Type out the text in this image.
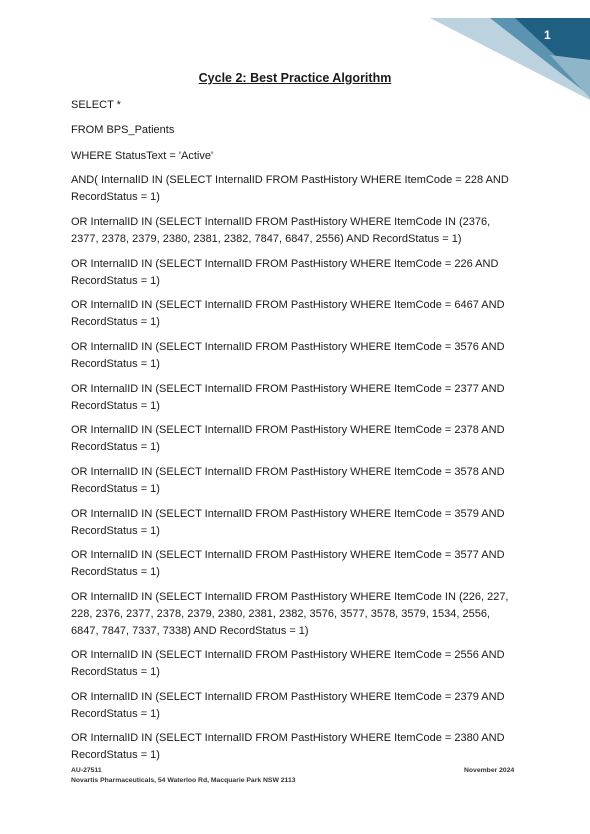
1
Cycle 2: Best Practice Algorithm
SELECT *
FROM BPS_Patients
WHERE StatusText = 'Active'
AND( InternalID IN (SELECT InternalID FROM PastHistory WHERE ItemCode = 228 AND
RecordStatus = 1)
OR InternalID IN (SELECT InternalID FROM PastHistory WHERE ItemCode IN (2376,
2377, 2378, 2379, 2380, 2381, 2382, 7847, 6847, 2556) AND RecordStatus = 1)
OR InternalID IN (SELECT InternalID FROM PastHistory WHERE ItemCode = 226 AND
RecordStatus = 1)
OR InternalID IN (SELECT InternalID FROM PastHistory WHERE ItemCode = 6467 AND
RecordStatus = 1)
OR InternalID IN (SELECT InternalID FROM PastHistory WHERE ItemCode = 3576 AND
RecordStatus = 1)
OR InternalID IN (SELECT InternalID FROM PastHistory WHERE ItemCode = 2377 AND
RecordStatus = 1)
OR InternalID IN (SELECT InternalID FROM PastHistory WHERE ItemCode = 2378 AND
RecordStatus = 1)
OR InternalID IN (SELECT InternalID FROM PastHistory WHERE ItemCode = 3578 AND
RecordStatus = 1)
OR InternalID IN (SELECT InternalID FROM PastHistory WHERE ItemCode = 3579 AND
RecordStatus = 1)
OR InternalID IN (SELECT InternalID FROM PastHistory WHERE ItemCode = 3577 AND
RecordStatus = 1)
OR InternalID IN (SELECT InternalID FROM PastHistory WHERE ItemCode IN (226, 227,
228, 2376, 2377, 2378, 2379, 2380, 2381, 2382, 3576, 3577, 3578, 3579, 1534, 2556,
6847, 7847, 7337, 7338) AND RecordStatus = 1)
OR InternalID IN (SELECT InternalID FROM PastHistory WHERE ItemCode = 2556 AND
RecordStatus = 1)
OR InternalID IN (SELECT InternalID FROM PastHistory WHERE ItemCode = 2379 AND
RecordStatus = 1)
OR InternalID IN (SELECT InternalID FROM PastHistory WHERE ItemCode = 2380 AND
RecordStatus = 1)
AU-27511	November 2024
Novartis Pharmaceuticals, 54 Waterloo Rd, Macquarie Park NSW 2113
